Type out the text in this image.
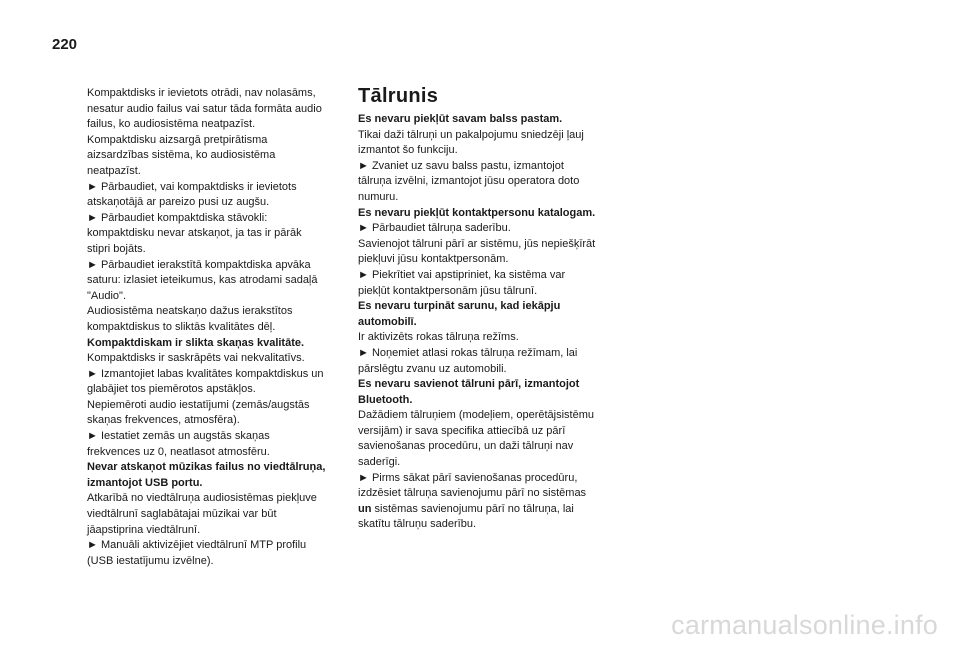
220
Kompaktdisks ir ievietots otrādi, nav nolasāms,
nesatur audio failus vai satur tāda formāta audio
failus, ko audiosistēma neatpazīst.
Kompaktdisku aizsargā pretpirātisma
aizsardzības sistēma, ko audiosistēma
neatpazīst.
► Pārbaudiet, vai kompaktdisks ir ievietots
atskaņotājā ar pareizo pusi uz augšu.
► Pārbaudiet kompaktdiska stāvokli:
kompaktdisku nevar atskaņot, ja tas ir pārāk
stipri bojāts.
► Pārbaudiet ierakstītā kompaktdiska apvāka
saturu: izlasiet ieteikumus, kas atrodami sadaļā
"Audio".
Audiosistēma neatskaņo dažus ierakstītos
kompaktdiskus to sliktās kvalitātes dēļ.
Kompaktdiskam ir slikta skaņas kvalitāte.
Kompaktdisks ir saskrāpēts vai nekvalitatīvs.
► Izmantojiet labas kvalitātes kompaktdiskus un
glabājiet tos piemērotos apstākļos.
Nepiemēroti audio iestatījumi (zemās/augstās
skaņas frekvences, atmosfēra).
► Iestatiet zemās un augstās skaņas
frekvences uz 0, neatlasot atmosfēru.
Nevar atskaņot mūzikas failus no viedtālruņa,
izmantojot USB portu.
Atkarībā no viedtālruņa audiosistēmas piekļuve
viedtālrunī saglabātajai mūzikai var būt
jāapstiprina viedtālrunī.
► Manuāli aktivizējiet viedtālrunī MTP profilu
(USB iestatījumu izvēlne).
Tālrunis
Es nevaru piekļūt savam balss pastam.
Tikai daži tālruņi un pakalpojumu sniedzēji ļauj
izmantot šo funkciju.
► Zvaniet uz savu balss pastu, izmantojot
tālruņa izvēlni, izmantojot jūsu operatora doto
numuru.
Es nevaru piekļūt kontaktpersonu katalogam.
► Pārbaudiet tālruņa saderību.
Savienojot tālruni pārī ar sistēmu, jūs nepiešķīrāt
piekļuvi jūsu kontaktpersonām.
► Piekrītiet vai apstipriniet, ka sistēma var
piekļūt kontaktpersonām jūsu tālrunī.
Es nevaru turpināt sarunu, kad iekāpju
automobilī.
Ir aktivizēts rokas tālruņa režīms.
► Noņemiet atlasi rokas tālruņa režīmam, lai
pārslēgtu zvanu uz automobili.
Es nevaru savienot tālruni pārī, izmantojot
Bluetooth.
Dažādiem tālruņiem (modeļiem, operētājsistēmu
versijām) ir sava specifika attiecībā uz pārī
savienošanas procedūru, un daži tālruņi nav
saderīgi.
► Pirms sākat pārī savienošanas procedūru,
izdzēsiet tālruņa savienojumu pārī no sistēmas
un sistēmas savienojumu pārī no tālruņa, lai
skatītu tālruņu saderību.
carmanualsonline.info
